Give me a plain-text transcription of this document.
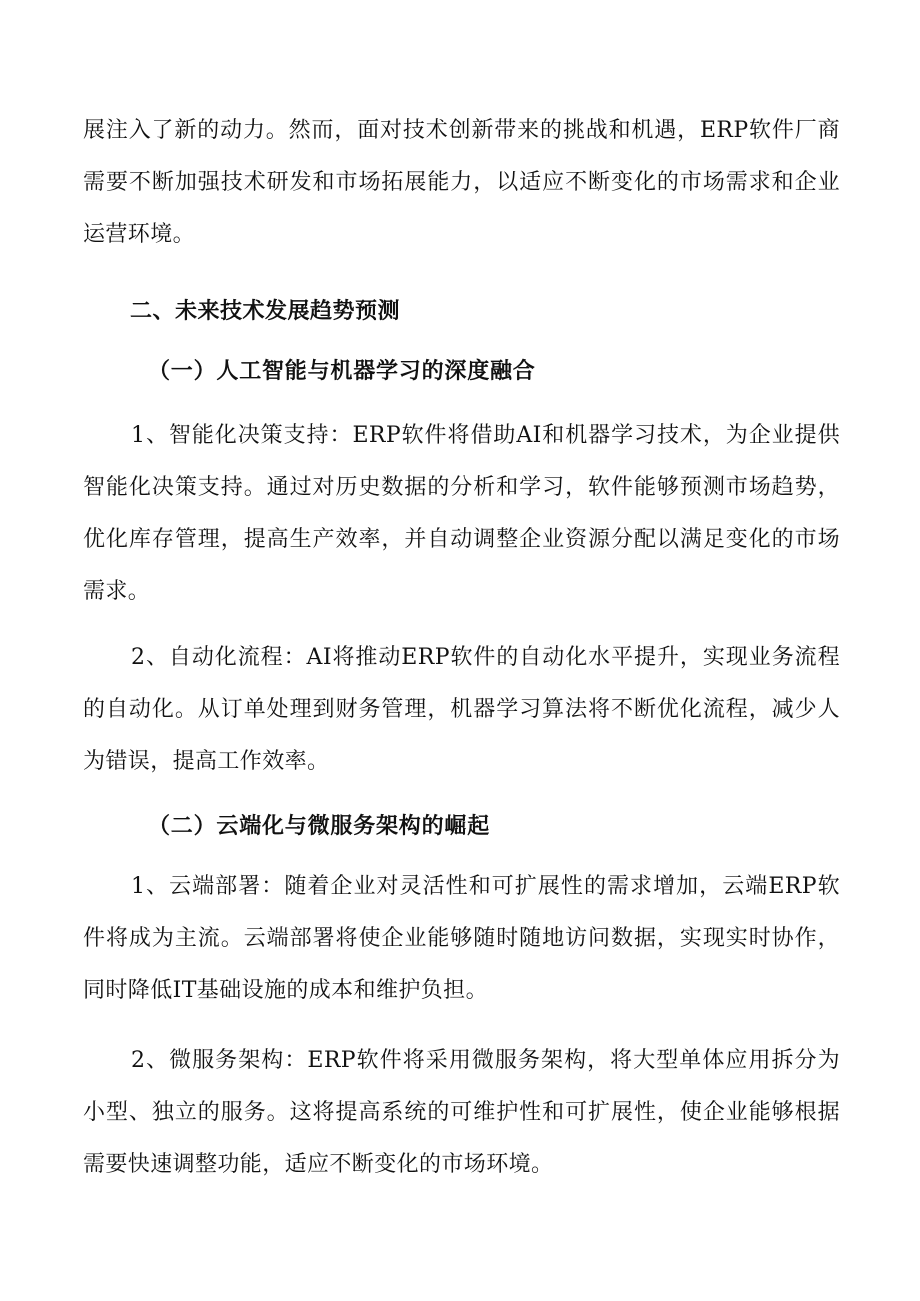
展注入了新的动力。然而，面对技术创新带来的挑战和机遇，ERP软件厂商需要不断加强技术研发和市场拓展能力，以适应不断变化的市场需求和企业运营环境。

二、未来技术发展趋势预测
（一）人工智能与机器学习的深度融合

1、智能化决策支持：ERP软件将借助AI和机器学习技术，为企业提供智能化决策支持。通过对历史数据的分析和学习，软件能够预测市场趋势，优化库存管理，提高生产效率，并自动调整企业资源分配以满足变化的市场需求。

2、自动化流程：AI将推动ERP软件的自动化水平提升，实现业务流程的自动化。从订单处理到财务管理，机器学习算法将不断优化流程，减少人为错误，提高工作效率。

（二）云端化与微服务架构的崛起

1、云端部署：随着企业对灵活性和可扩展性的需求增加，云端ERP软件将成为主流。云端部署将使企业能够随时随地访问数据，实现实时协作，同时降低IT基础设施的成本和维护负担。

2、微服务架构：ERP软件将采用微服务架构，将大型单体应用拆分为小型、独立的服务。这将提高系统的可维护性和可扩展性，使企业能够根据需要快速调整功能，适应不断变化的市场环境。
